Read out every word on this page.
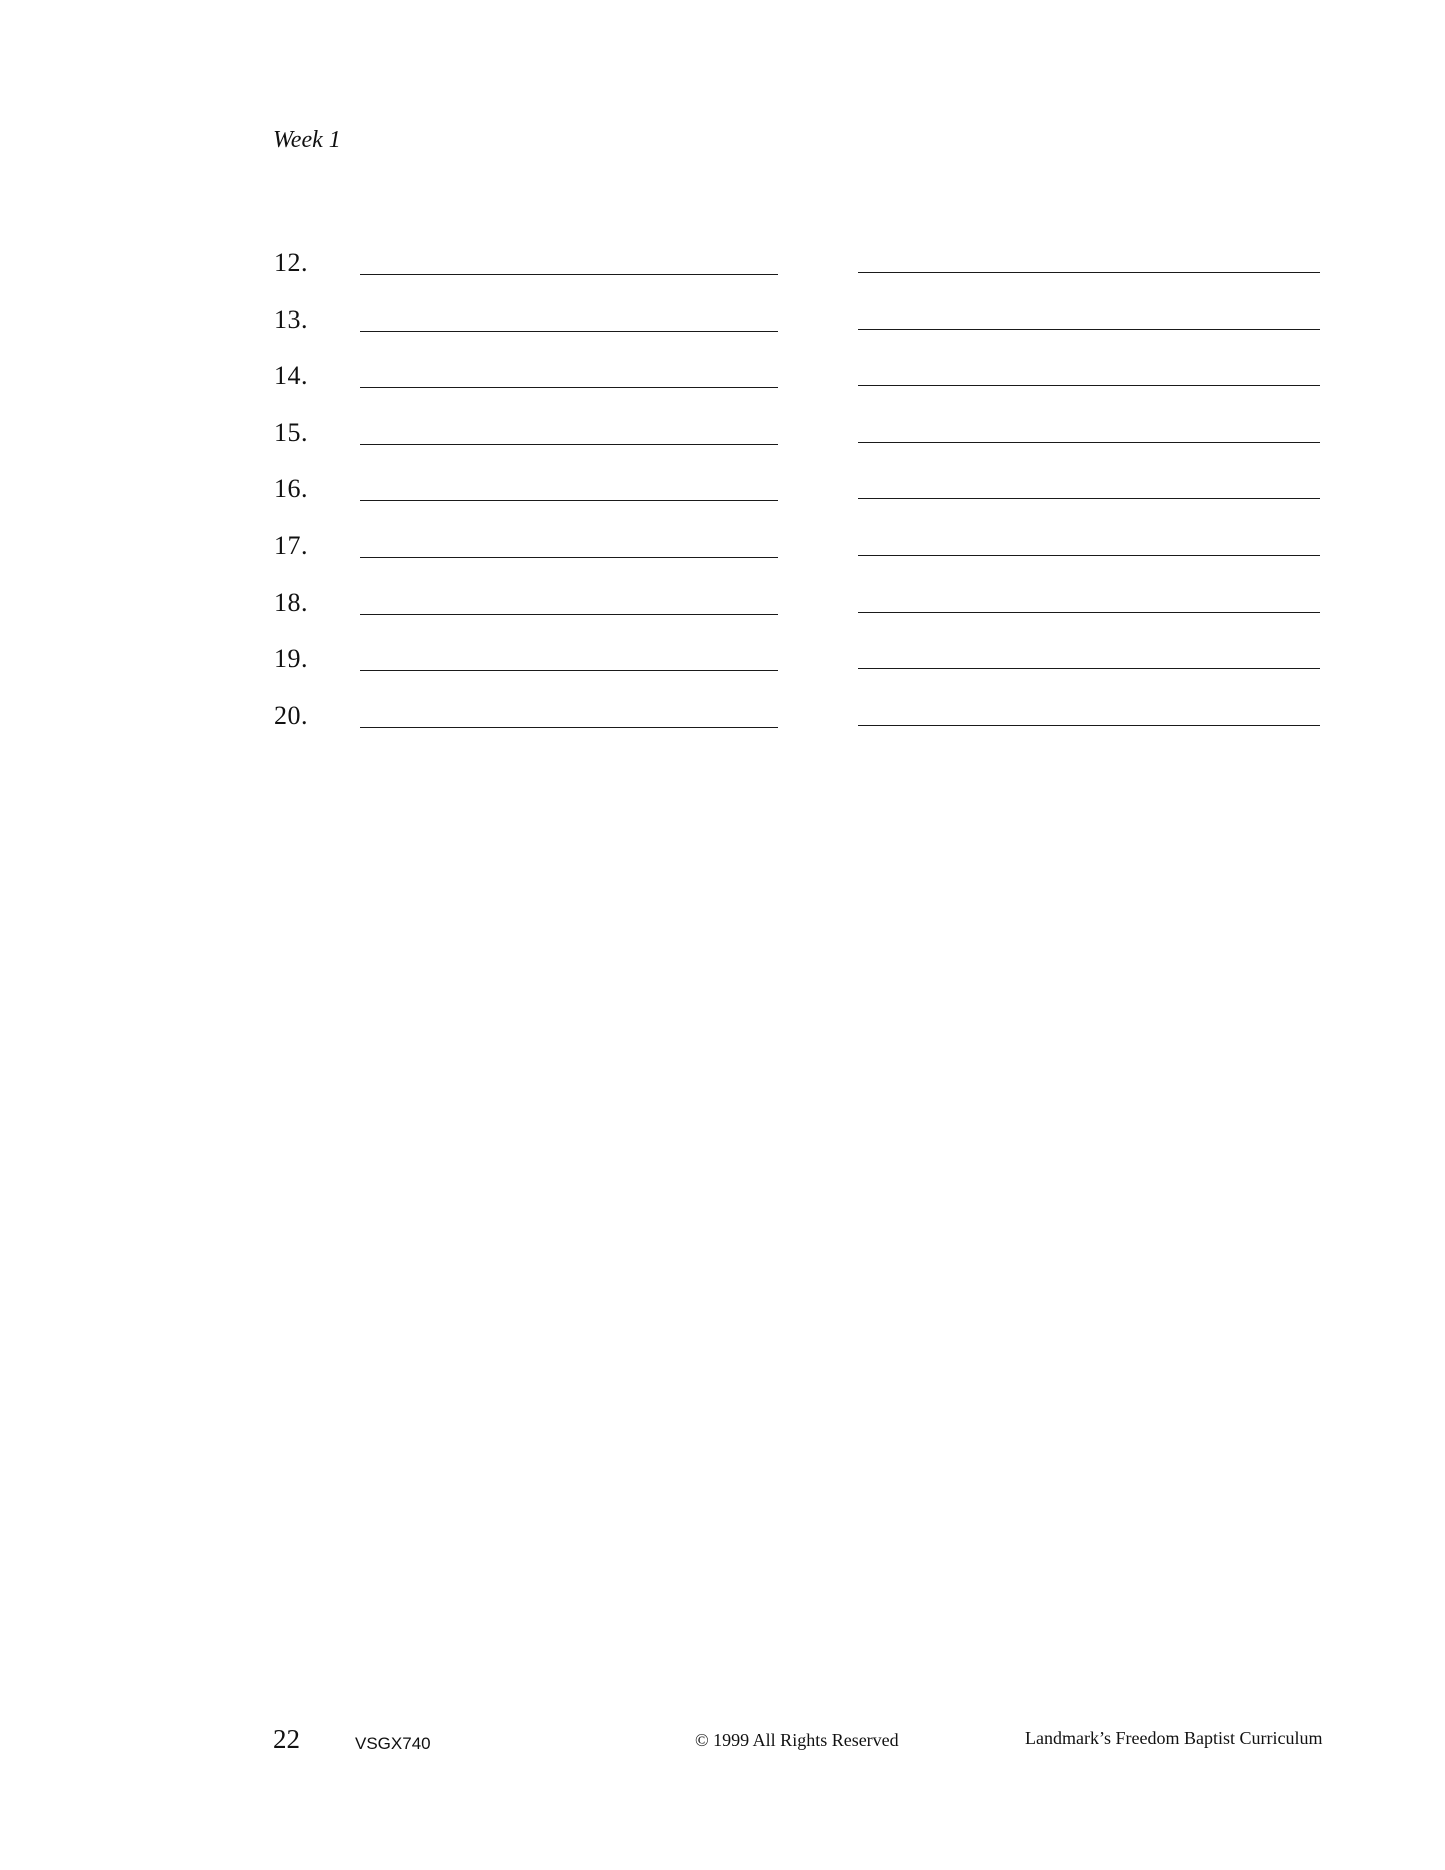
Week 1
12.
13.
14.
15.
16.
17.
18.
19.
20.
22	VSGX740	© 1999 All Rights Reserved	Landmark’s Freedom Baptist Curriculum
